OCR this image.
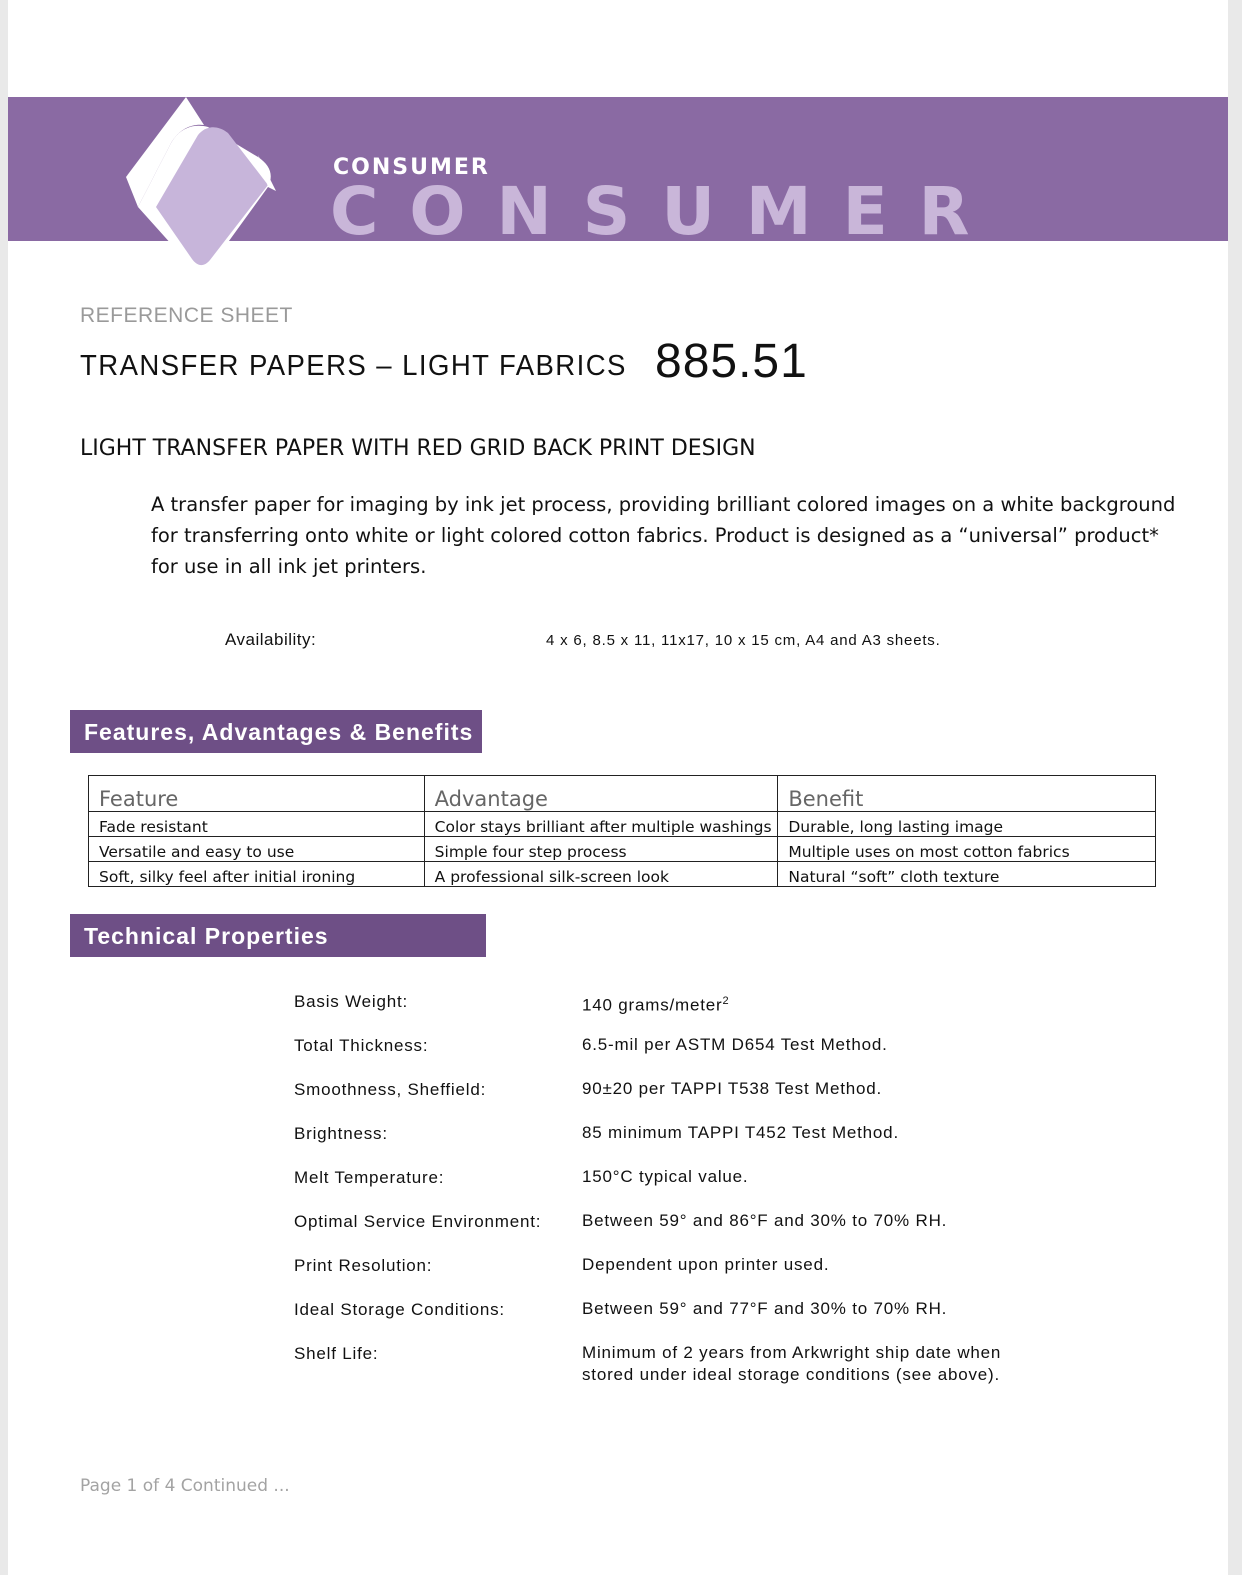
CONSUMER
CONSUMER
REFERENCE SHEET
TRANSFER PAPERS – LIGHT FABRICS 885.51
LIGHT TRANSFER PAPER WITH RED GRID BACK PRINT DESIGN
A transfer paper for imaging by ink jet process, providing brilliant colored images on a white background for transferring onto white or light colored cotton fabrics. Product is designed as a “universal” product* for use in all ink jet printers.
Availability:	4 x 6, 8.5 x 11, 11x17, 10 x 15 cm, A4 and A3 sheets.
Features, Advantages & Benefits
Feature	Advantage	Benefit
Fade resistant	Color stays brilliant after multiple washings	Durable, long lasting image
Versatile and easy to use	Simple four step process	Multiple uses on most cotton fabrics
Soft, silky feel after initial ironing	A professional silk-screen look	Natural “soft” cloth texture
Technical Properties
Basis Weight:	140 grams/meter$^2$
Total Thickness:	6.5-mil per ASTM D654 Test Method.
Smoothness, Sheffield:	90±20 per TAPPI T538 Test Method.
Brightness:	85 minimum TAPPI T452 Test Method.
Melt Temperature:	150°C typical value.
Optimal Service Environment: Between 59° and 86°F and 30% to 70% RH.
Print Resolution:	Dependent upon printer used.
Ideal Storage Conditions:	Between 59° and 77°F and 30% to 70% RH.
Shelf Life:	Minimum of 2 years from Arkwright ship date when stored under ideal storage conditions (see above).
Page 1 of 4 Continued ...
